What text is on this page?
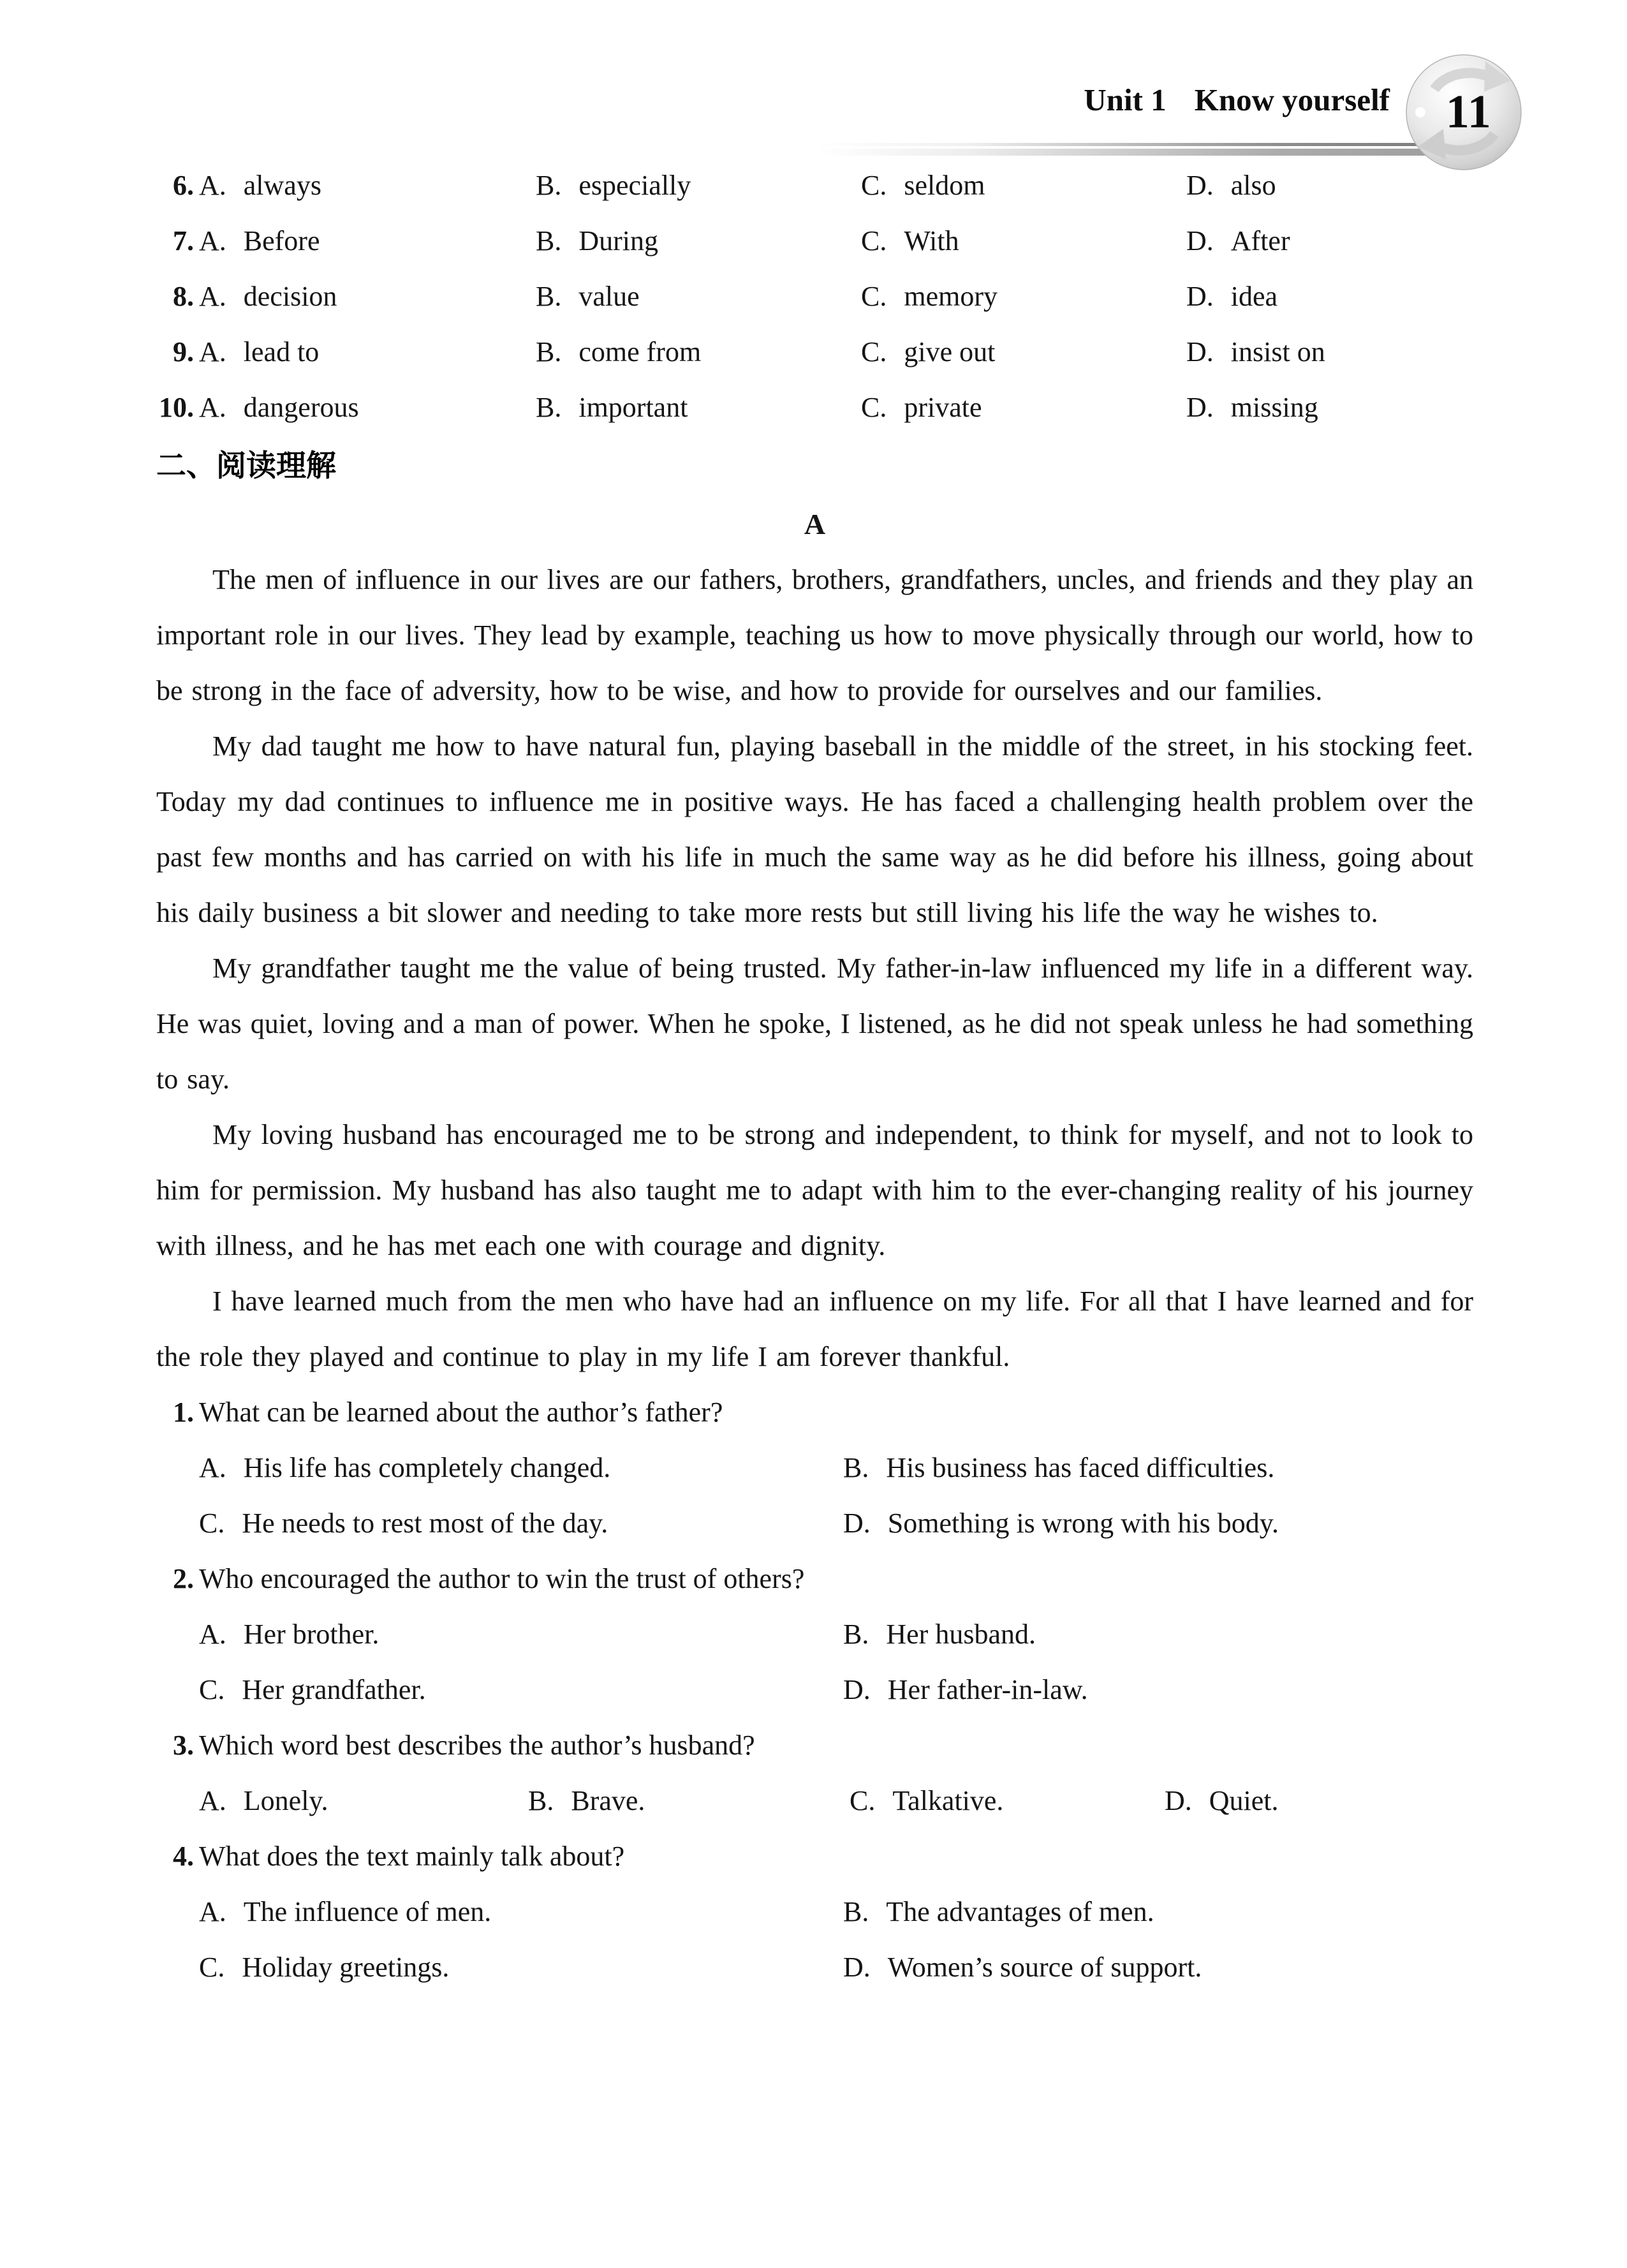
Unit 1 Know yourself 11
6. A. always	B. especially	C. seldom	D. also
7. A. Before	B. During	C. With	D. After
8. A. decision	B. value	C. memory	D. idea
9. A. lead to	B. come from	C. give out	D. insist on
10. A. dangerous	B. important	C. private	D. missing
二、阅读理解
A

The men of influence in our lives are our fathers, brothers, grandfathers, uncles, and friends and they play an important role in our lives. They lead by example, teaching us how to move physically through our world, how to be strong in the face of adversity, how to be wise, and how to provide for ourselves and our families.

My dad taught me how to have natural fun, playing baseball in the middle of the street, in his stocking feet. Today my dad continues to influence me in positive ways. He has faced a challenging health problem over the past few months and has carried on with his life in much the same way as he did before his illness, going about his daily business a bit slower and needing to take more rests but still living his life the way he wishes to.

My grandfather taught me the value of being trusted. My father-in-law influenced my life in a different way. He was quiet, loving and a man of power. When he spoke, I listened, as he did not speak unless he had something to say.

My loving husband has encouraged me to be strong and independent, to think for myself, and not to look to him for permission. My husband has also taught me to adapt with him to the ever-changing reality of his journey with illness, and he has met each one with courage and dignity.

I have learned much from the men who have had an influence on my life. For all that I have learned and for the role they played and continue to play in my life I am forever thankful.

1. What can be learned about the author’s father?
A. His life has completely changed.	B. His business has faced difficulties.
C. He needs to rest most of the day.	D. Something is wrong with his body.
2. Who encouraged the author to win the trust of others?
A. Her brother.	B. Her husband.
C. Her grandfather.	D. Her father-in-law.
3. Which word best describes the author’s husband?
A. Lonely.	B. Brave.	C. Talkative.	D. Quiet.
4. What does the text mainly talk about?
A. The influence of men.	B. The advantages of men.
C. Holiday greetings.	D. Women’s source of support.
